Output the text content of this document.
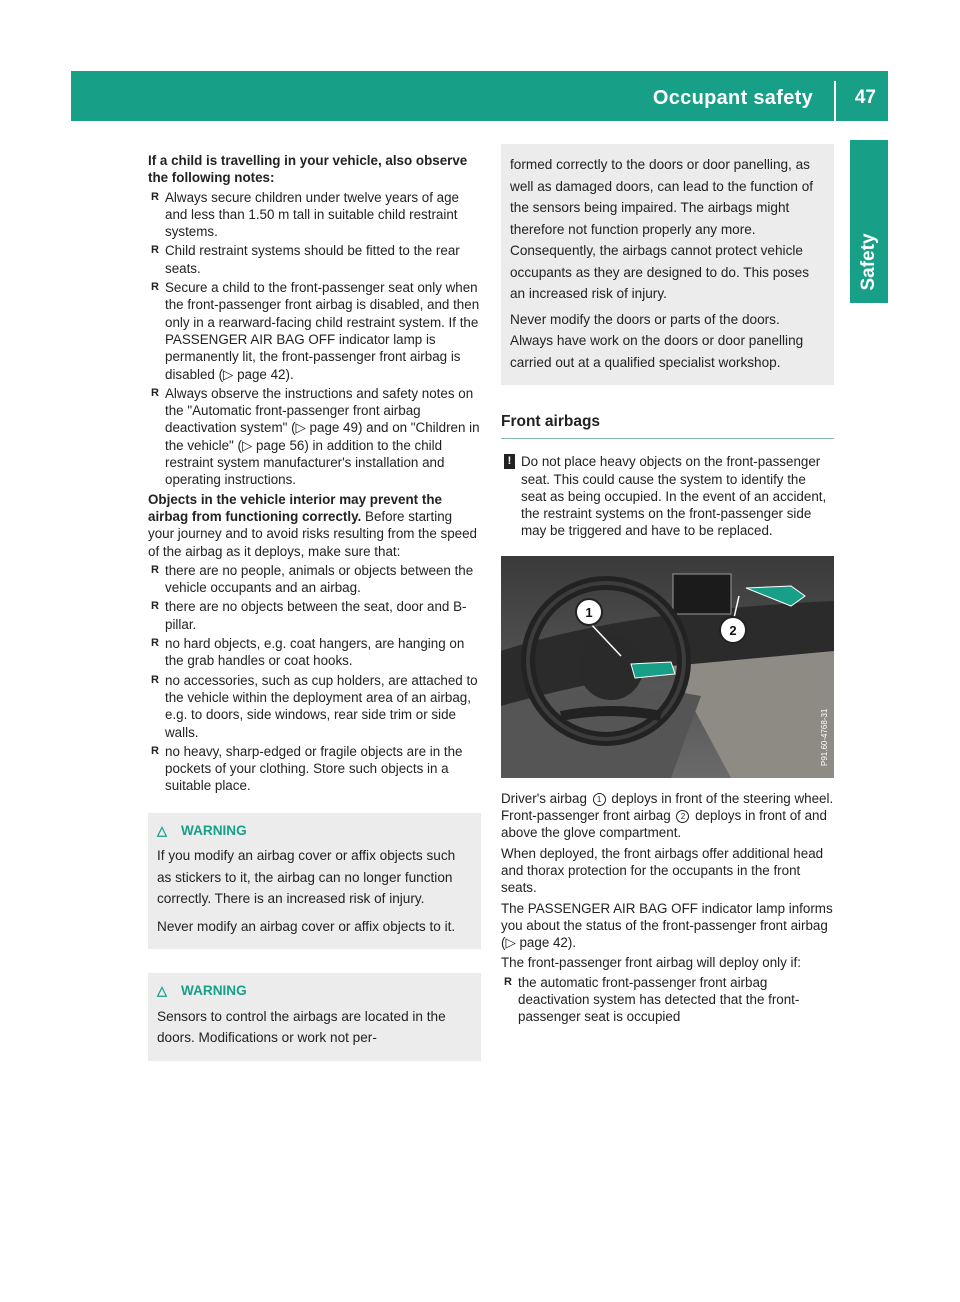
Occupant safety 47
Safety

If a child is travelling in your vehicle, also observe the following notes:

R Always secure children under twelve years of age and less than 1.50 m tall in suitable child restraint systems.
R Child restraint systems should be fitted to the rear seats.
R Secure a child to the front-passenger seat only when the front-passenger front airbag is disabled, and then only in a rearward-facing child restraint system. If the PASSENGER AIR BAG OFF indicator lamp is permanently lit, the front-passenger front airbag is disabled (▷ page 42).
R Always observe the instructions and safety notes on the "Automatic front-passenger front airbag deactivation system" (▷ page 49) and on "Children in the vehicle" (▷ page 56) in addition to the child restraint system manufacturer's installation and operating instructions.

Objects in the vehicle interior may prevent the airbag from functioning correctly. Before starting your journey and to avoid risks resulting from the speed of the airbag as it deploys, make sure that:

R there are no people, animals or objects between the vehicle occupants and an airbag.
R there are no objects between the seat, door and B-pillar.
R no hard objects, e.g. coat hangers, are hanging on the grab handles or coat hooks.
R no accessories, such as cup holders, are attached to the vehicle within the deployment area of an airbag, e.g. to doors, side windows, rear side trim or side walls.
R no heavy, sharp-edged or fragile objects are in the pockets of your clothing. Store such objects in a suitable place.
△ WARNING

If you modify an airbag cover or affix objects such as stickers to it, the airbag can no longer function correctly. There is an increased risk of injury.

Never modify an airbag cover or affix objects to it.

△ WARNING

Sensors to control the airbags are located in the doors. Modifications or work not per-

formed correctly to the doors or door panelling, as well as damaged doors, can lead to the function of the sensors being impaired. The airbags might therefore not function properly any more. Consequently, the airbags cannot protect vehicle occupants as they are designed to do. This poses an increased risk of injury.

Never modify the doors or parts of the doors. Always have work on the doors or door panelling carried out at a qualified specialist workshop.

Front airbags
! Do not place heavy objects on the front-passenger seat. This could cause the system to identify the seat as being occupied. In the event of an accident, the restraint systems on the front-passenger side may be triggered and have to be replaced.
1
2
P91.60-4768-31

Driver's airbag 1 deploys in front of the steering wheel. Front-passenger front airbag 2 deploys in front of and above the glove compartment.

When deployed, the front airbags offer additional head and thorax protection for the occupants in the front seats.

The PASSENGER AIR BAG OFF indicator lamp informs you about the status of the front-passenger front airbag (▷ page 42).

The front-passenger front airbag will deploy only if:

R the automatic front-passenger front airbag deactivation system has detected that the front-passenger seat is occupied
